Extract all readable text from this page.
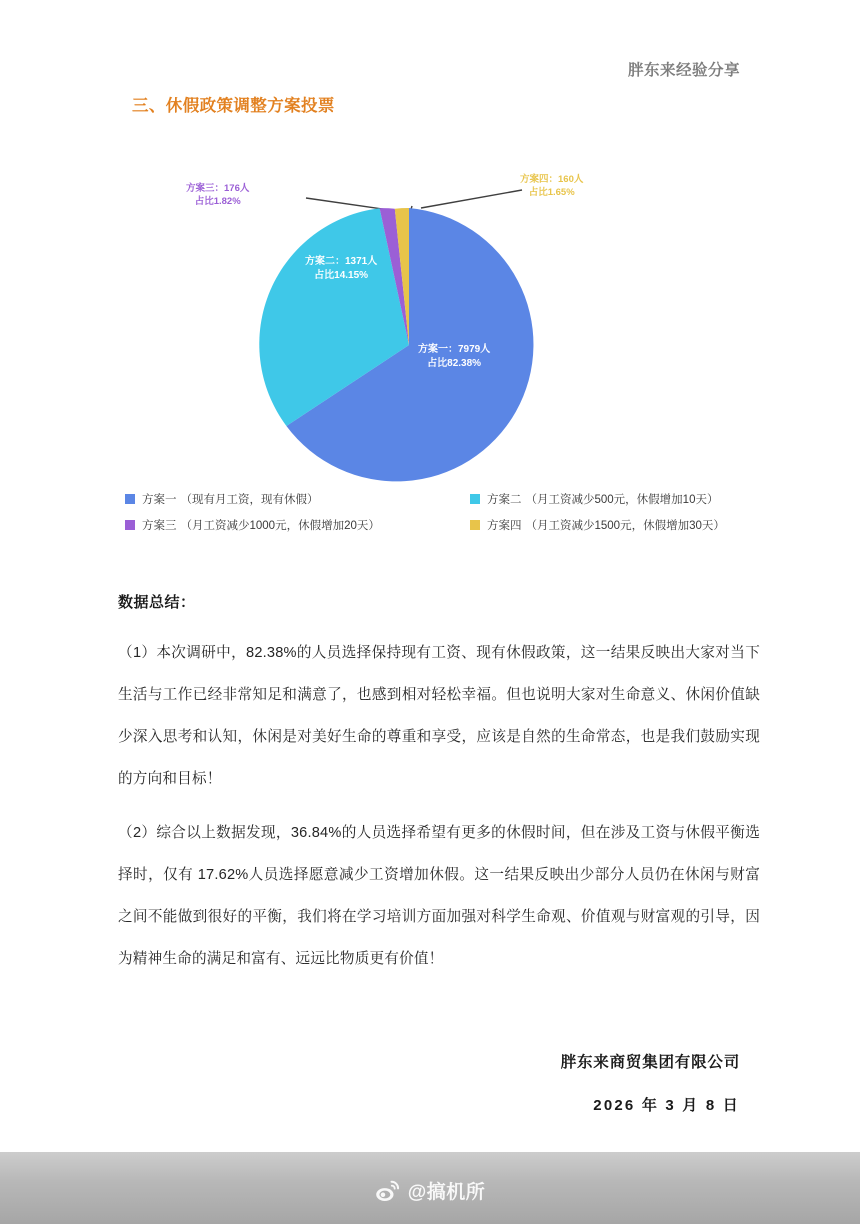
胖东来经验分享
三、休假政策调整方案投票
方案三：176人
占比1.82%
方案四：160人
占比1.65%
方案一：7979人
占比82.38%
方案二：1371人
占比14.15%
方案一 （现有月工资，现有休假）	方案二 （月工资减少500元，休假增加10天）
方案三 （月工资减少1000元，休假增加20天）	方案四 （月工资减少1500元，休假增加30天）
数据总结：

（1）本次调研中，82.38%的人员选择保持现有工资、现有休假政策，这一结果反映出大家对当下生活与工作已经非常知足和满意了，也感到相对轻松幸福。但也说明大家对生命意义、休闲价值缺少深入思考和认知，休闲是对美好生命的尊重和享受，应该是自然的生命常态，也是我们鼓励实现的方向和目标！

（2）综合以上数据发现，36.84%的人员选择希望有更多的休假时间，但在涉及工资与休假平衡选择时，仅有 17.62%人员选择愿意减少工资增加休假。这一结果反映出少部分人员仍在休闲与财富之间不能做到很好的平衡，我们将在学习培训方面加强对科学生命观、价值观与财富观的引导，因为精神生命的满足和富有、远远比物质更有价值！

胖东来商贸集团有限公司
2026 年 3 月 8 日
@搞机所
